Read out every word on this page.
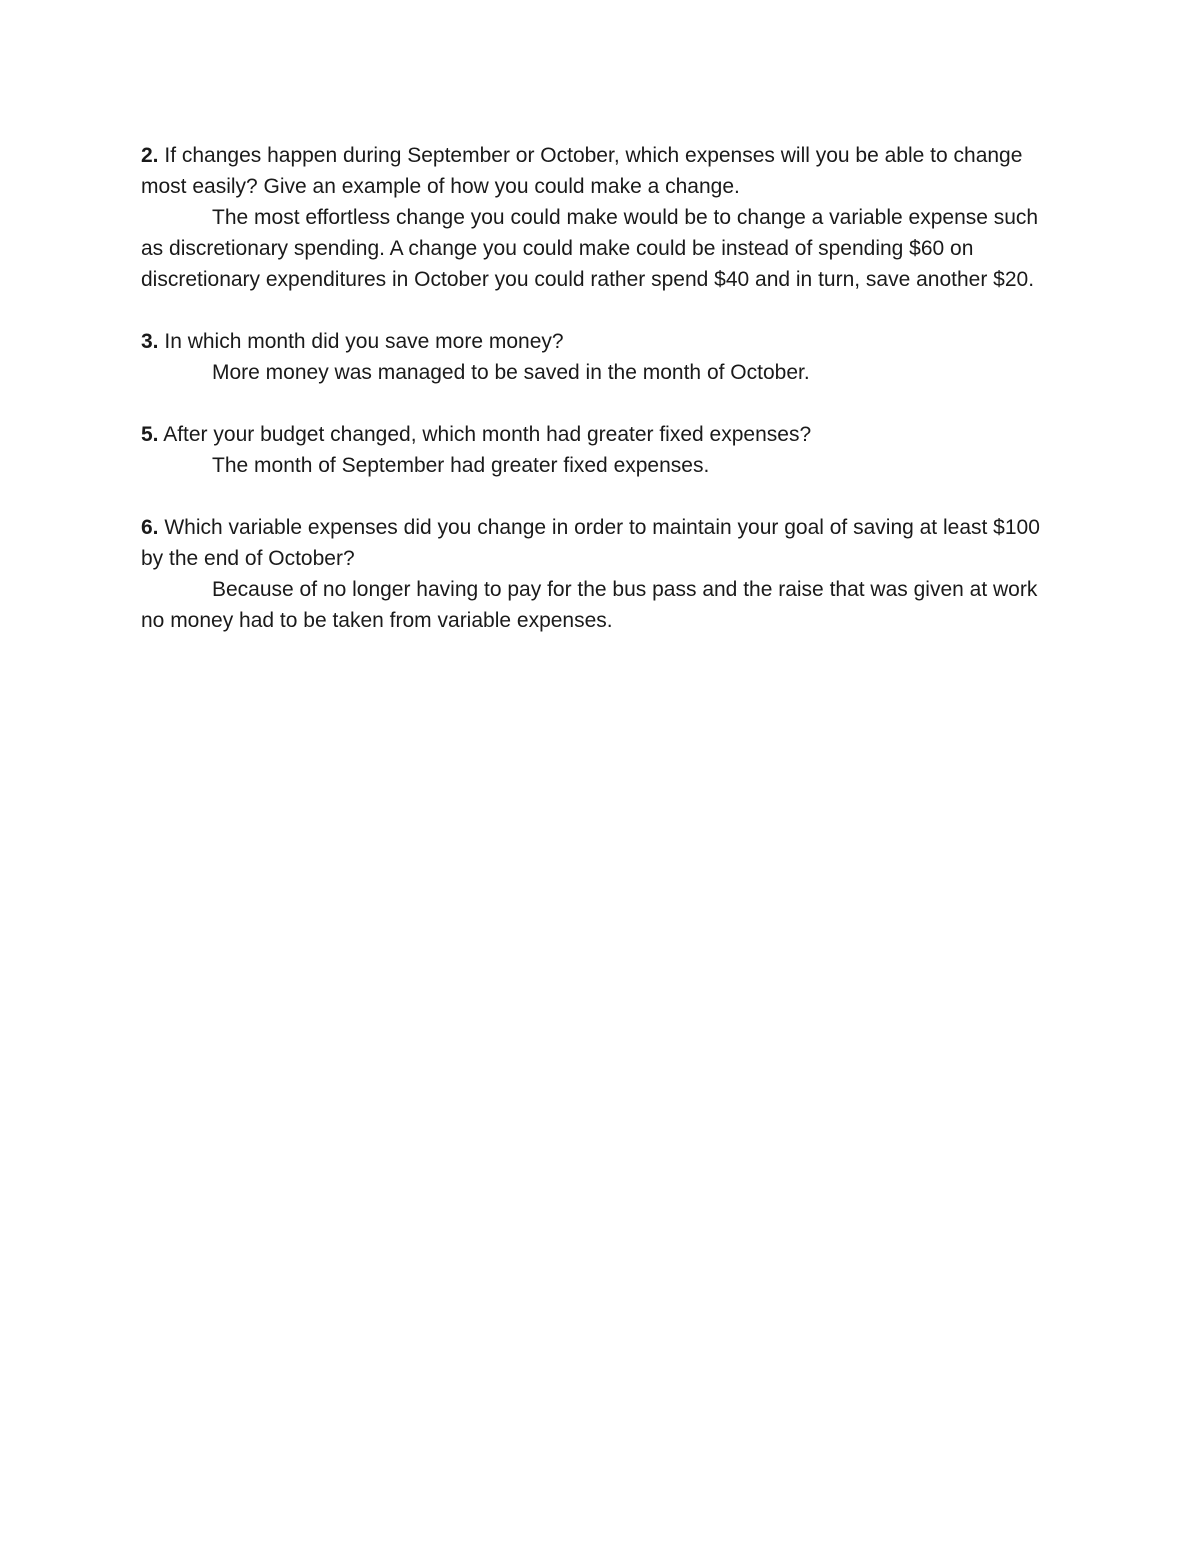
2. If changes happen during September or October, which expenses will you be able to change most easily? Give an example of how you could make a change.

The most effortless change you could make would be to change a variable expense such as discretionary spending. A change you could make could be instead of spending $60 on discretionary expenditures in October you could rather spend $40 and in turn, save another $20.

3. In which month did you save more money?

More money was managed to be saved in the month of October.

5. After your budget changed, which month had greater fixed expenses?

The month of September had greater fixed expenses.

6. Which variable expenses did you change in order to maintain your goal of saving at least $100 by the end of October?

Because of no longer having to pay for the bus pass and the raise that was given at work no money had to be taken from variable expenses.
